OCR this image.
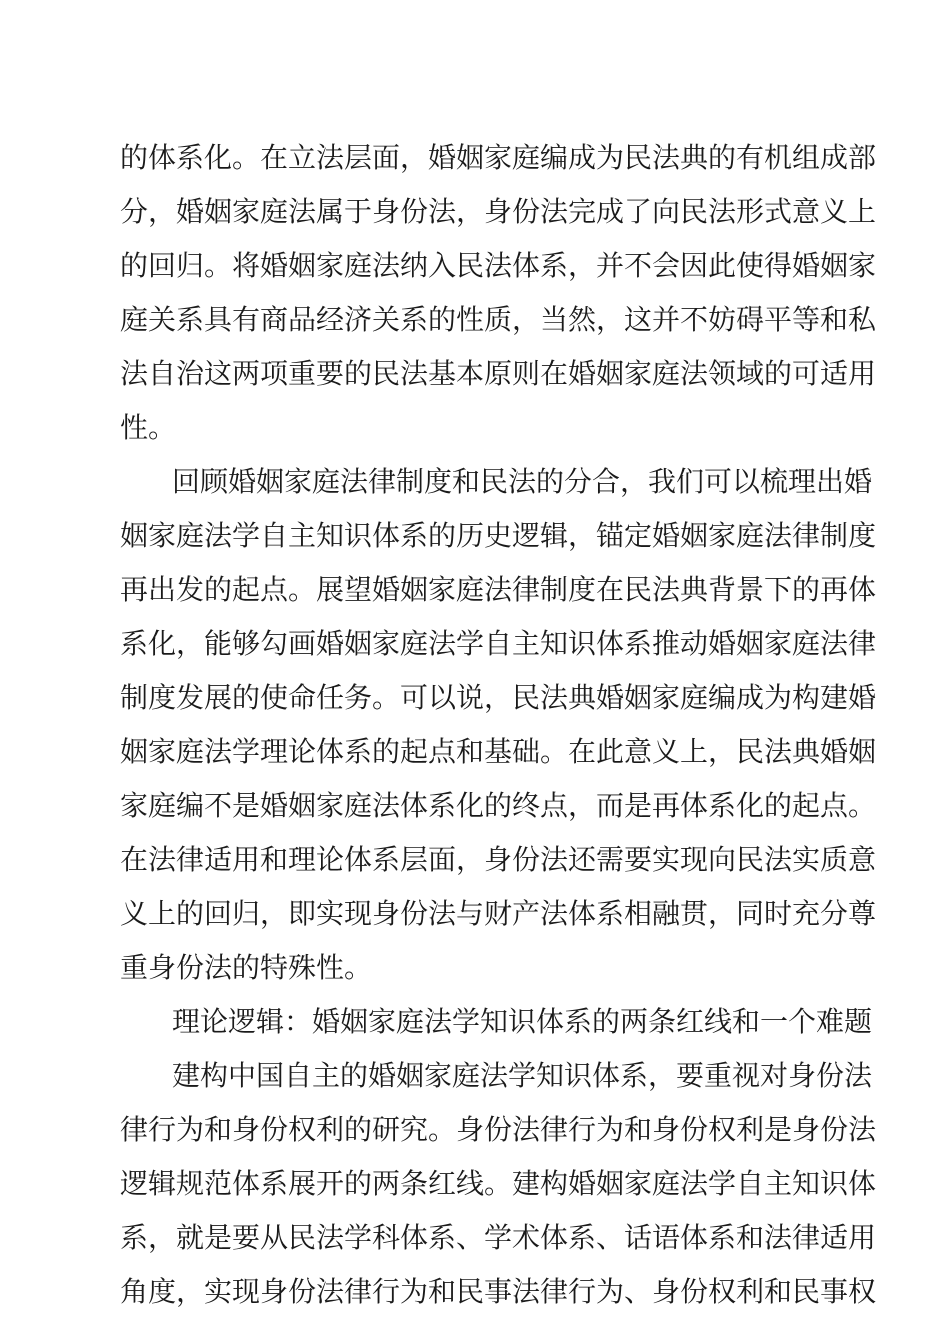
的体系化。在立法层面，婚姻家庭编成为民法典的有机组成部
分，婚姻家庭法属于身份法，身份法完成了向民法形式意义上
的回归。将婚姻家庭法纳入民法体系，并不会因此使得婚姻家
庭关系具有商品经济关系的性质，当然，这并不妨碍平等和私
法自治这两项重要的民法基本原则在婚姻家庭法领域的可适用
性。
回顾婚姻家庭法律制度和民法的分合，我们可以梳理出婚
姻家庭法学自主知识体系的历史逻辑，锚定婚姻家庭法律制度
再出发的起点。展望婚姻家庭法律制度在民法典背景下的再体
系化，能够勾画婚姻家庭法学自主知识体系推动婚姻家庭法律
制度发展的使命任务。可以说，民法典婚姻家庭编成为构建婚
姻家庭法学理论体系的起点和基础。在此意义上，民法典婚姻
家庭编不是婚姻家庭法体系化的终点，而是再体系化的起点。
在法律适用和理论体系层面，身份法还需要实现向民法实质意
义上的回归，即实现身份法与财产法体系相融贯，同时充分尊
重身份法的特殊性。
理论逻辑：婚姻家庭法学知识体系的两条红线和一个难题
建构中国自主的婚姻家庭法学知识体系，要重视对身份法
律行为和身份权利的研究。身份法律行为和身份权利是身份法
逻辑规范体系展开的两条红线。建构婚姻家庭法学自主知识体
系，就是要从民法学科体系、学术体系、话语体系和法律适用
角度，实现身份法律行为和民事法律行为、身份权利和民事权
